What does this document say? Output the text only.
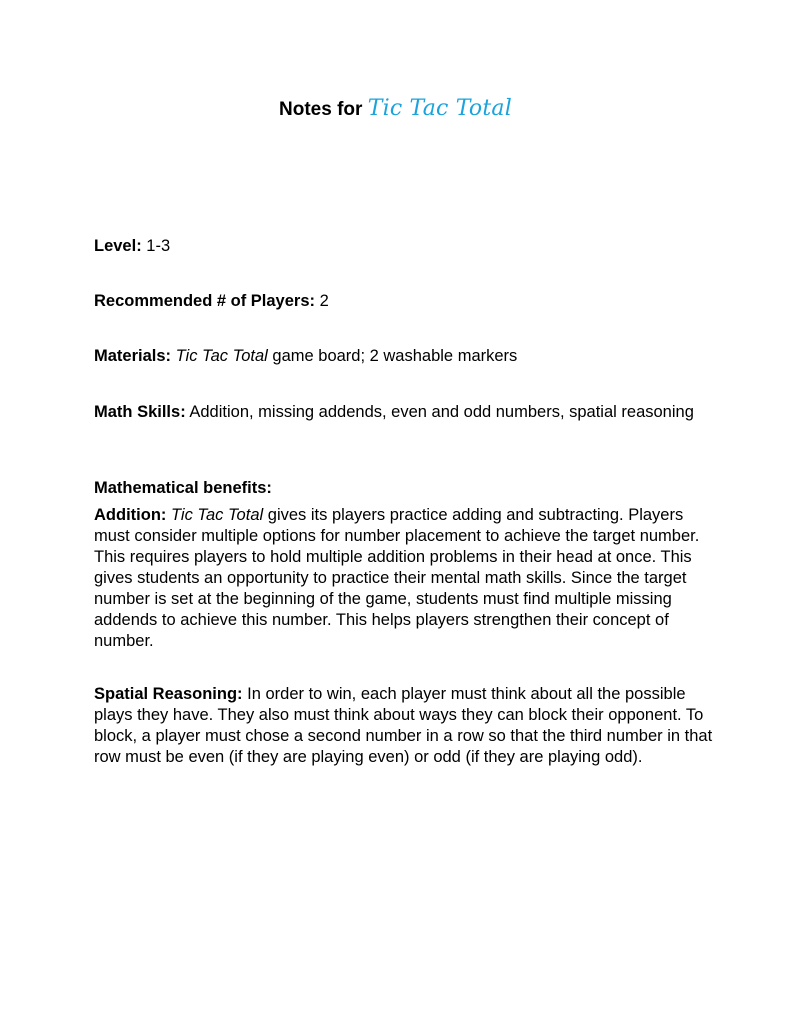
Notes for Tic Tac Total
Level: 1-3
Recommended # of Players: 2
Materials: Tic Tac Total game board; 2 washable markers
Math Skills: Addition, missing addends, even and odd numbers, spatial reasoning
Mathematical benefits:
Addition: Tic Tac Total gives its players practice adding and subtracting. Players must consider multiple options for number placement to achieve the target number. This requires players to hold multiple addition problems in their head at once. This gives students an opportunity to practice their mental math skills. Since the target number is set at the beginning of the game, students must find multiple missing addends to achieve this number. This helps players strengthen their concept of number.
Spatial Reasoning: In order to win, each player must think about all the possible plays they have. They also must think about ways they can block their opponent. To block, a player must chose a second number in a row so that the third number in that row must be even (if they are playing even) or odd (if they are playing odd).
